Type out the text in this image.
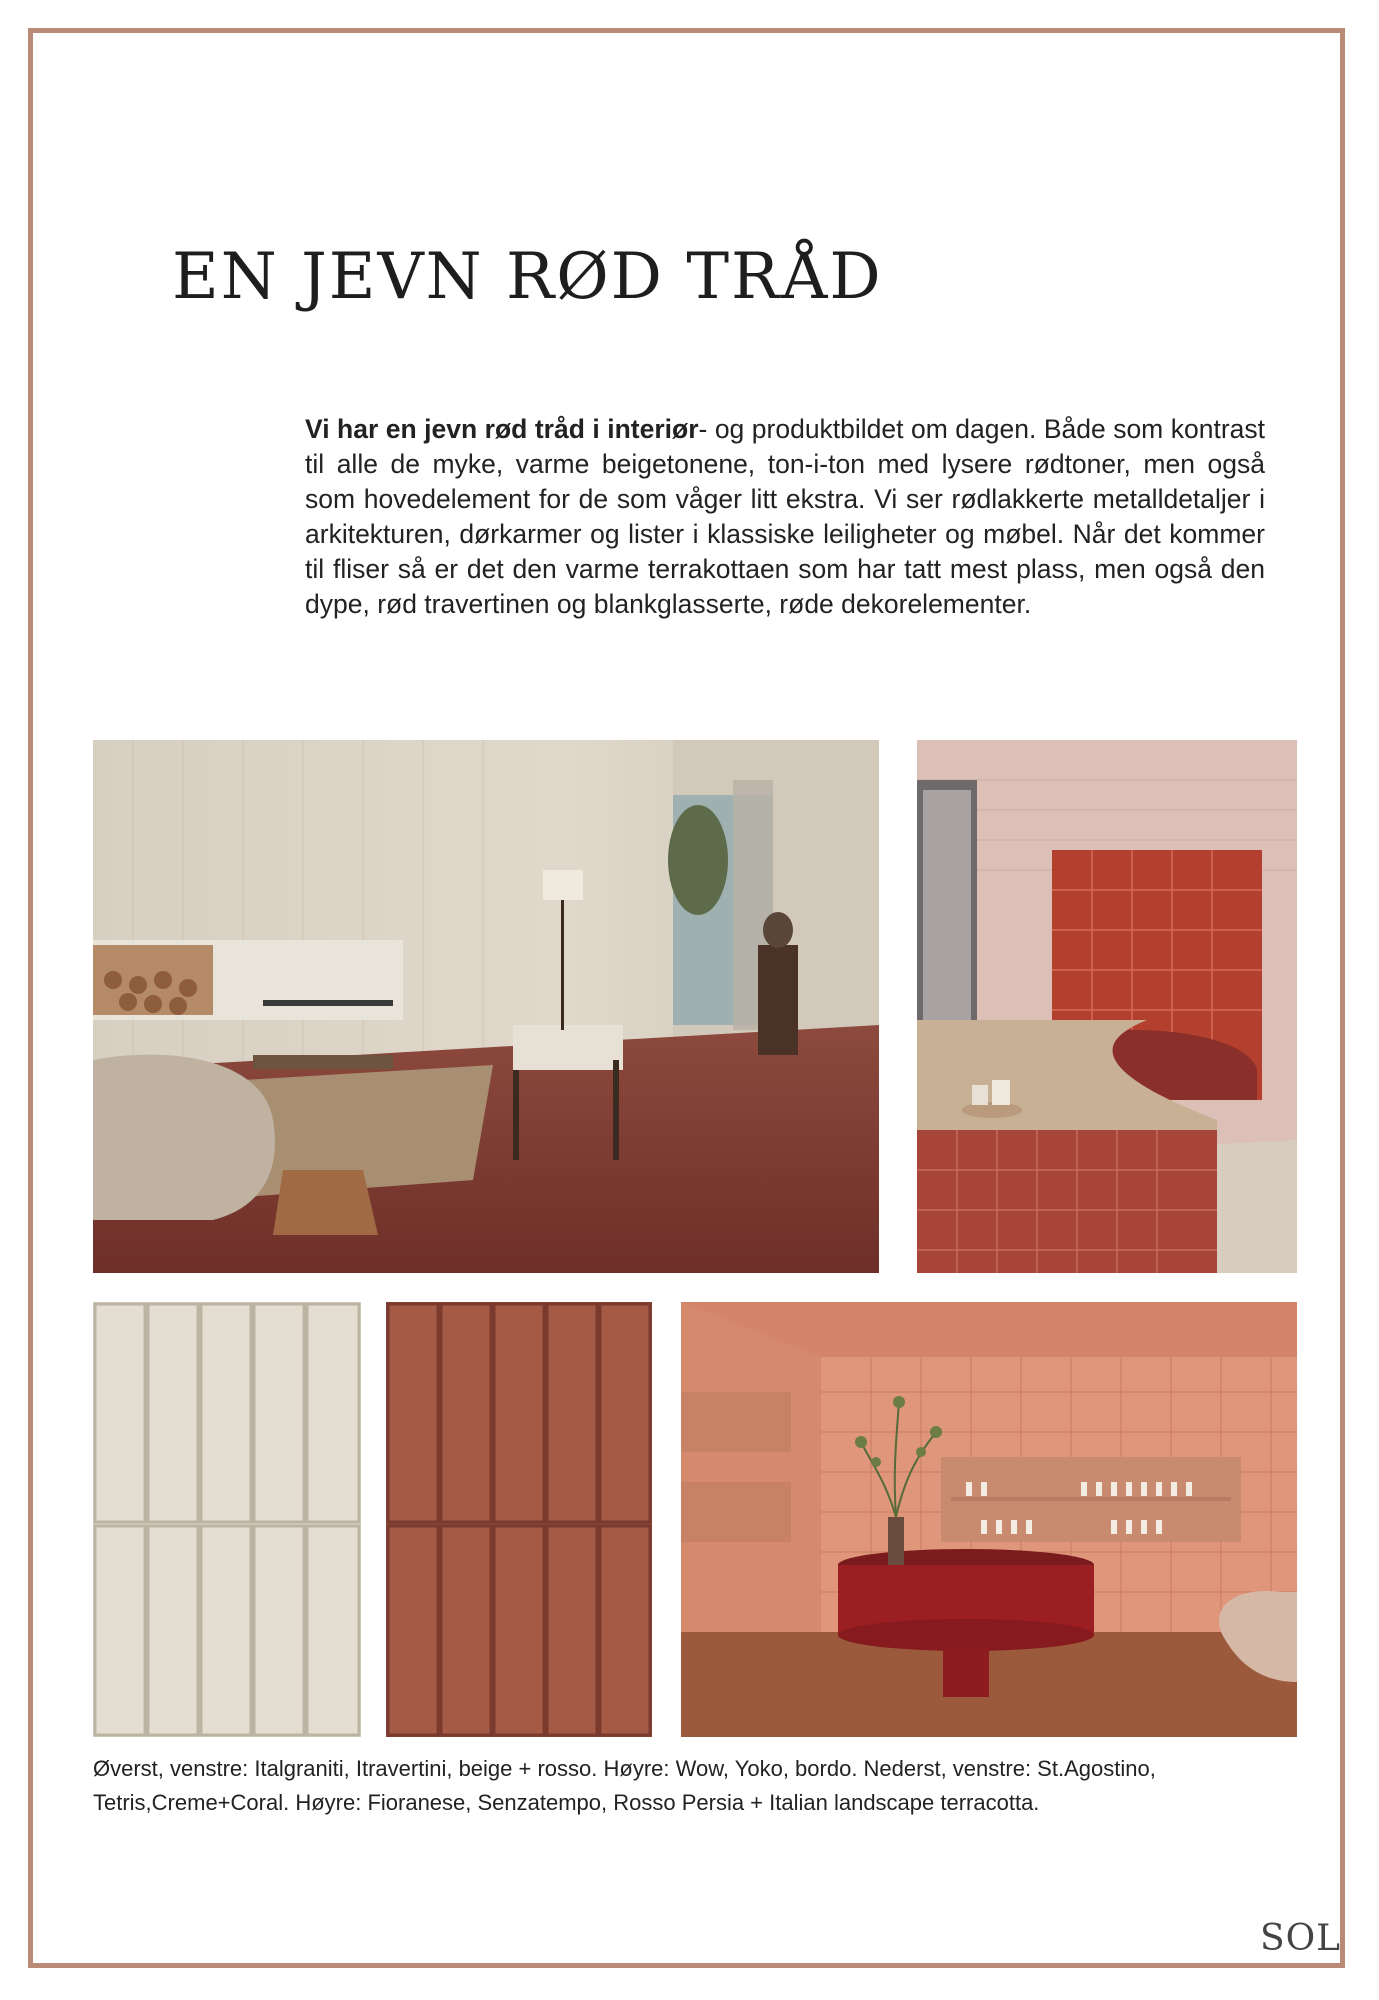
EN JEVN RØD TRÅD

Vi har en jevn rød tråd i interiør- og produktbildet om dagen. Både som kontrast til alle de myke, varme beigetonene, ton-i-ton med lysere rødtoner, men også som hovedelement for de som våger litt ekstra. Vi ser rødlakkerte metalldetaljer i arkitekturen, dørkarmer og lister i klassiske leiligheter og møbel. Når det kommer til fliser så er det den varme terrakottaen som har tatt mest plass, men også den dype, rød travertinen og blankglasserte, røde dekorelementer.

Øverst, venstre: Italgraniti, Itravertini, beige + rosso. Høyre: Wow, Yoko, bordo. Nederst, venstre: St.Agostino,
Tetris,Creme+Coral. Høyre: Fioranese, Senzatempo, Rosso Persia + Italian landscape terracotta.

SOL
